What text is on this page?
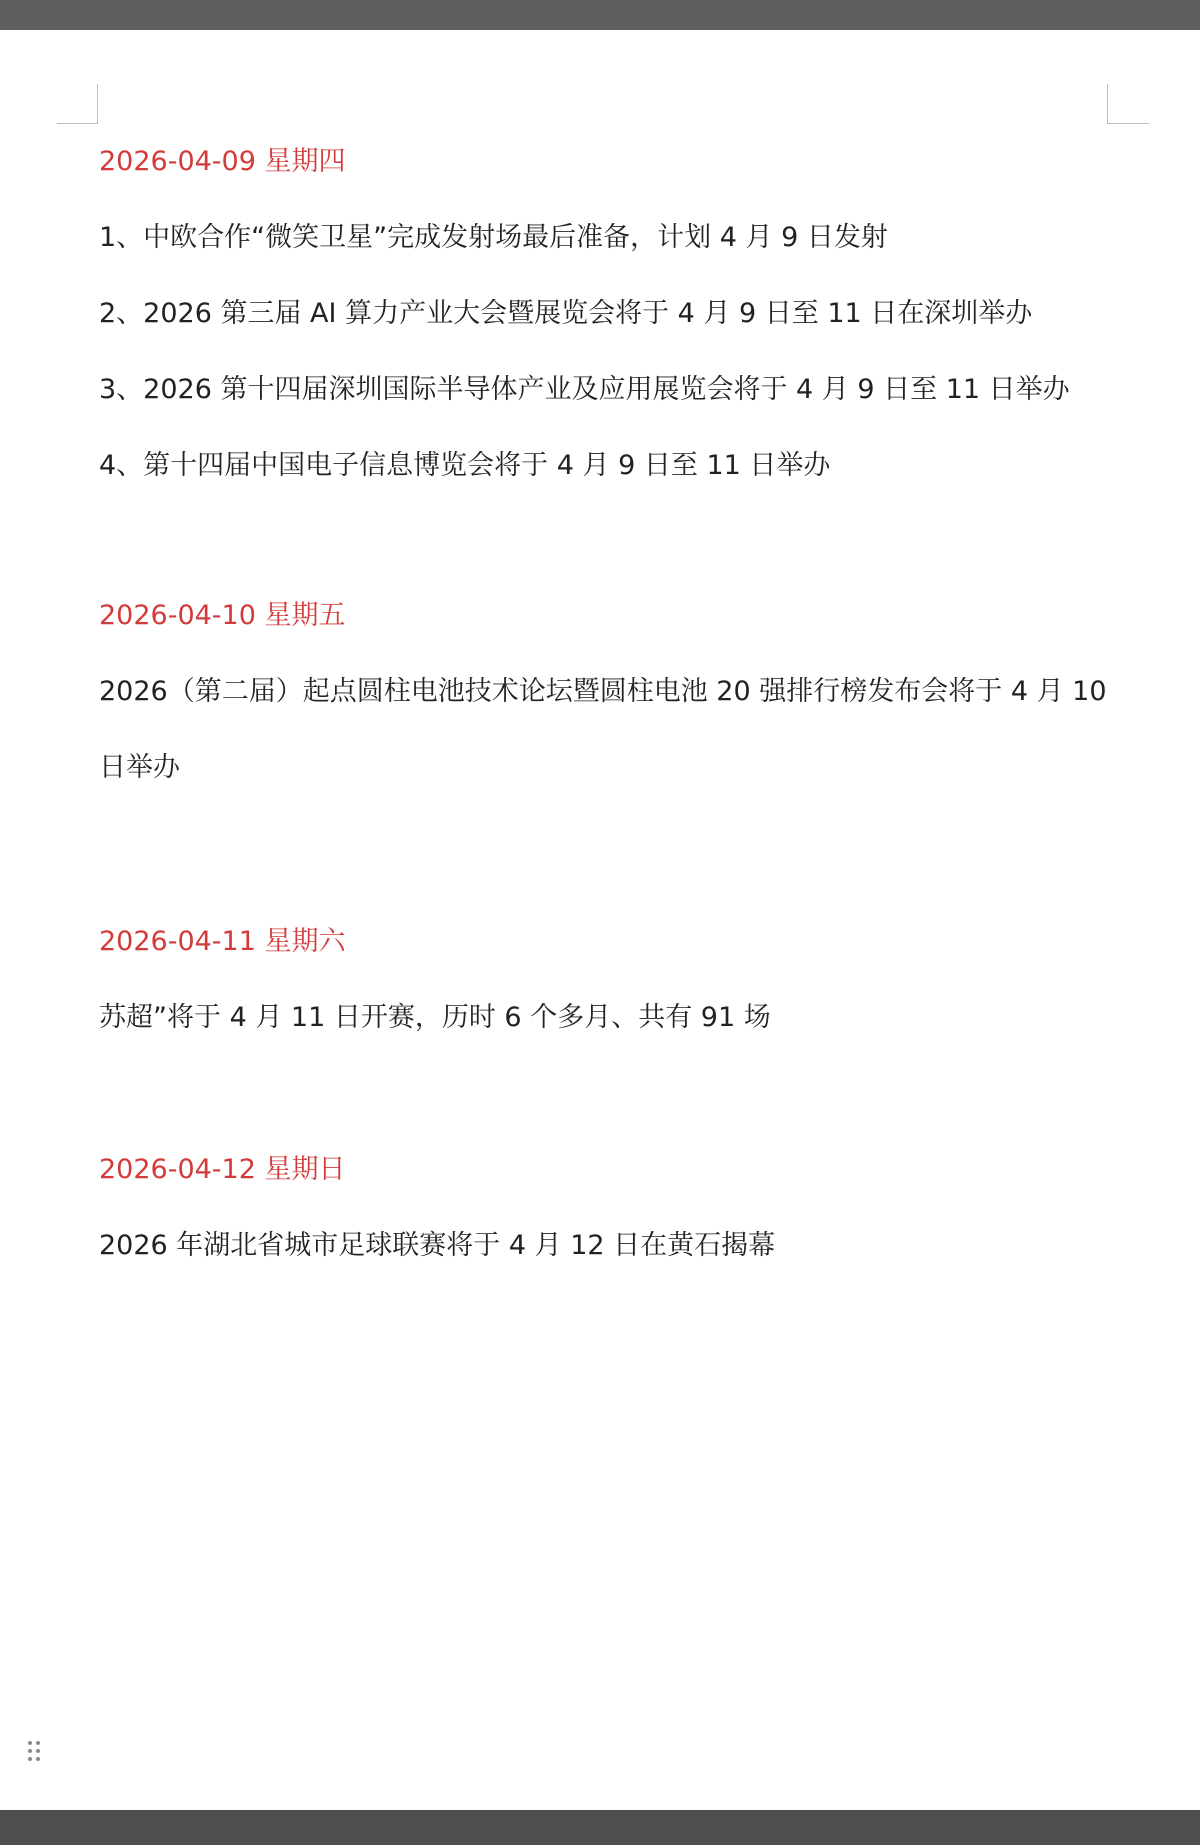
2026-04-09 星期四
1、中欧合作“微笑卫星”完成发射场最后准备，计划 4 月 9 日发射
2、2026 第三届 AI 算力产业大会暨展览会将于 4 月 9 日至 11 日在深圳举办
3、2026 第十四届深圳国际半导体产业及应用展览会将于 4 月 9 日至 11 日举办
4、第十四届中国电子信息博览会将于 4 月 9 日至 11 日举办
2026-04-10 星期五
2026（第二届）起点圆柱电池技术论坛暨圆柱电池 20 强排行榜发布会将于 4 月 10 日举办
2026-04-11 星期六
苏超”将于 4 月 11 日开赛，历时 6 个多月、共有 91 场
2026-04-12 星期日
2026 年湖北省城市足球联赛将于 4 月 12 日在黄石揭幕
